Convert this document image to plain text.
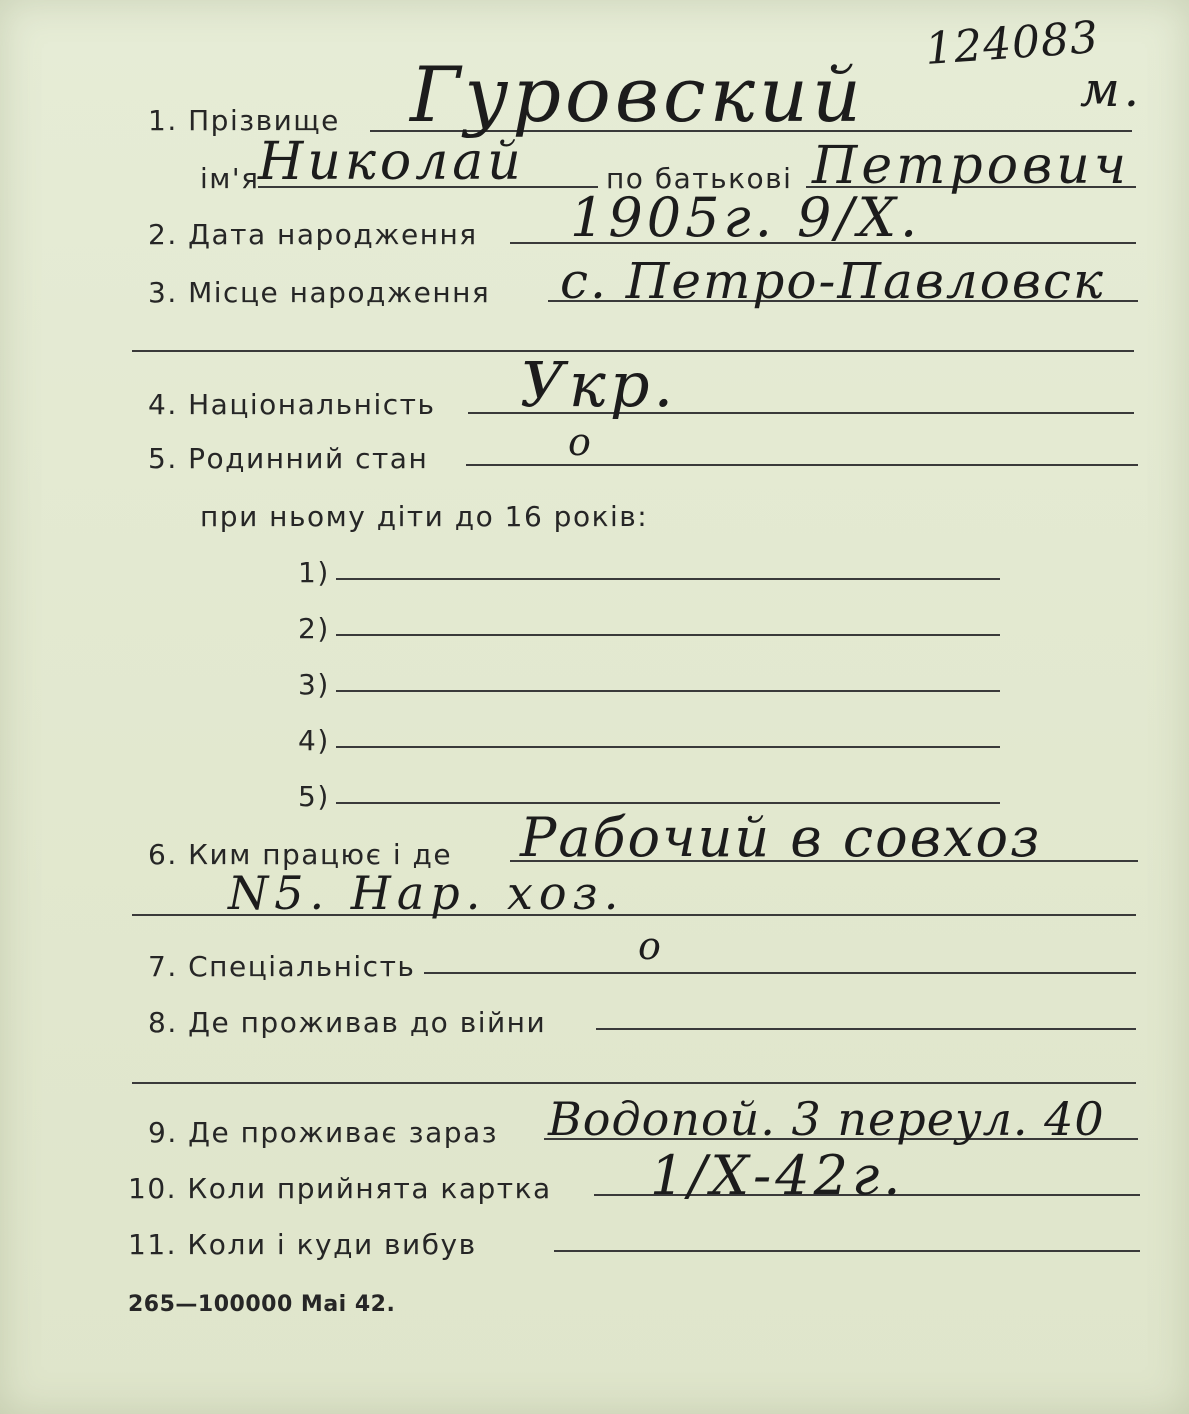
124083
м.
1. Прізвище Гуровский
ім'я
Николай	по батькові Петрович
2. Дата народження 1905г. 9/Х.
3. Місце народження с. Петро-Павловск
4. Національність Укр.
5. Родинний стан	о
при ньому діти до 16 років:
1)
2)
3)
4)
5)
6. Ким працює і де Рабочий в совхоз
N5. Нар. хоз.
7. Спеціальність	о
8. Де проживав до війни
9. Де проживає зараз Водопой. 3 переул. 40
10. Коли прийнята картка 1/Х-42г.
11. Коли і куди вибув
265—100000 Mai 42.
